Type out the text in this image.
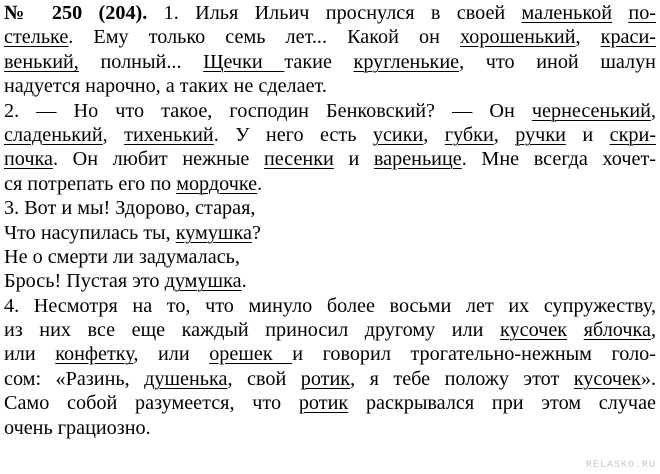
№ 250 (204). 1. Илья Ильич проснулся в своей маленькой по-
стельке. Ему только семь лет... Какой он хорошенький, краси-
венький, полный... Щечки такие кругленькие, что иной шалун
надуется нарочно, а таких не сделает.
2. — Но что такое, господин Бенковский? — Он чернесенький,
сладенький, тихенький. У него есть усики, губки, ручки и скри-
почка. Он любит нежные песенки и вареньице. Мне всегда хочет-
ся потрепать его по мордочке.
3. Вот и мы! Здорово, старая,
Что насупилась ты, кумушка?
Не о смерти ли задумалась,
Брось! Пустая это думушка.
4. Несмотря на то, что минуло более восьми лет их супружеству,
из них все еще каждый приносил другому или кусочек яблочка,
или конфетку, или орешек и говорил трогательно-нежным голо-
сом: «Разинь, душенька, свой ротик, я тебе положу этот кусочек».
Само собой разумеется, что ротик раскрывался при этом случае
очень грациозно.
RELASKO.RU
